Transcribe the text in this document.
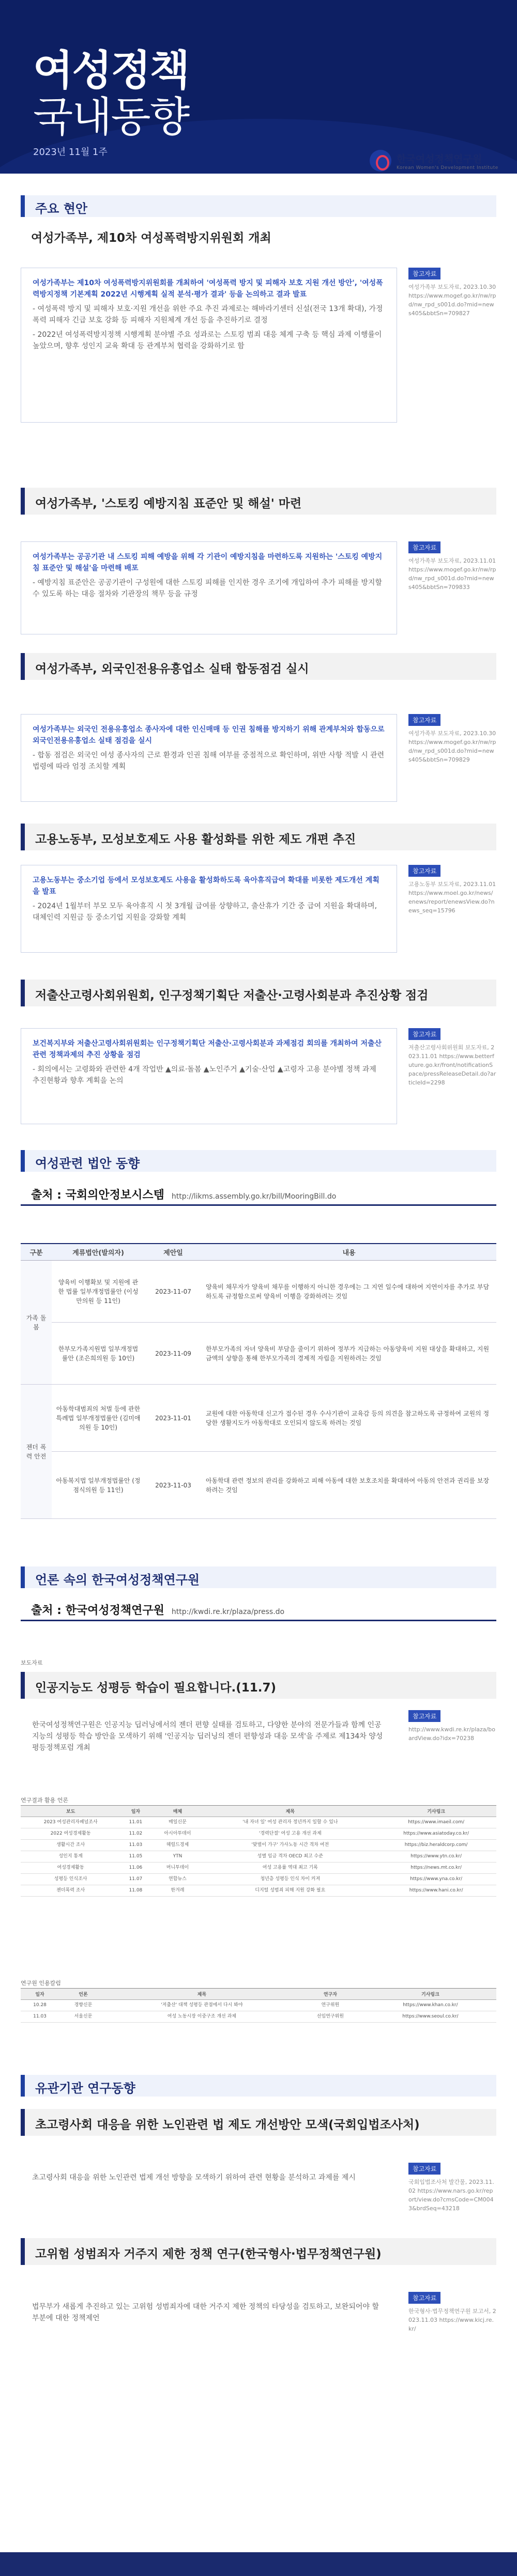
여성정책
국내동향
2023년 11월 1주
한국여성정책연구원
Korean Women's Development Institute
주요 현안
여성가족부, 제10차 여성폭력방지위원회 개최

여성가족부는 제10차 여성폭력방지위원회를 개최하여 '여성폭력 방지 및 피해자 보호 지원 개선 방안', '여성폭력방지정책 기본계획 2022년 시행계획 실적 분석·평가 결과' 등을 논의하고 결과 발표

- 여성폭력 방지 및 피해자 보호·지원 개선을 위한 주요 추진 과제로는 해바라기센터 신설(전국 13개 확대), 가정폭력 피해자 긴급 보호 강화 등 피해자 지원체계 개선 등을 추진하기로 결정

- 2022년 여성폭력방지정책 시행계획 분야별 주요 성과로는 스토킹 범죄 대응 체계 구축 등 핵심 과제 이행률이 높았으며, 향후 성인지 교육 확대 등 관계부처 협력을 강화하기로 함

참고자료
여성가족부 보도자료, 2023.10.30 https://www.mogef.go.kr/nw/rpd/nw_rpd_s001d.do?mid=news405&bbtSn=709827
여성가족부, '스토킹 예방지침 표준안 및 해설' 마련

여성가족부는 공공기관 내 스토킹 피해 예방을 위해 각 기관이 예방지침을 마련하도록 지원하는 '스토킹 예방지침 표준안 및 해설'을 마련해 배포

- 예방지침 표준안은 공공기관이 구성원에 대한 스토킹 피해를 인지한 경우 조기에 개입하여 추가 피해를 방지할 수 있도록 하는 대응 절차와 기관장의 책무 등을 규정

참고자료
여성가족부 보도자료, 2023.11.01 https://www.mogef.go.kr/nw/rpd/nw_rpd_s001d.do?mid=news405&bbtSn=709833
여성가족부, 외국인전용유흥업소 실태 합동점검 실시

여성가족부는 외국인 전용유흥업소 종사자에 대한 인신매매 등 인권 침해를 방지하기 위해 관계부처와 합동으로 외국인전용유흥업소 실태 점검을 실시

- 합동 점검은 외국인 여성 종사자의 근로 환경과 인권 침해 여부를 중점적으로 확인하며, 위반 사항 적발 시 관련 법령에 따라 엄정 조치할 계획

참고자료
여성가족부 보도자료, 2023.10.30 https://www.mogef.go.kr/nw/rpd/nw_rpd_s001d.do?mid=news405&bbtSn=709829
고용노동부, 모성보호제도 사용 활성화를 위한 제도 개편 추진

고용노동부는 중소기업 등에서 모성보호제도 사용을 활성화하도록 육아휴직급여 확대를 비롯한 제도개선 계획을 발표

- 2024년 1월부터 부모 모두 육아휴직 시 첫 3개월 급여를 상향하고, 출산휴가 기간 중 급여 지원을 확대하며, 대체인력 지원금 등 중소기업 지원을 강화할 계획

참고자료
고용노동부 보도자료, 2023.11.01 https://www.moel.go.kr/news/enews/report/enewsView.do?news_seq=15796
저출산고령사회위원회, 인구정책기획단 저출산·고령사회분과 추진상황 점검

보건복지부와 저출산고령사회위원회는 인구정책기획단 저출산·고령사회분과 과제점검 회의를 개최하여 저출산 관련 정책과제의 추진 상황을 점검

- 회의에서는 고령화와 관련한 4개 작업반 ▲의료·돌봄 ▲노인주거 ▲기술·산업 ▲고령자 고용 분야별 정책 과제 추진현황과 향후 계획을 논의

참고자료
저출산고령사회위원회 보도자료, 2023.11.01 https://www.betterfuture.go.kr/front/notificationSpace/pressReleaseDetail.do?articleId=2298
여성관련 법안 동향
출처 : 국회의안정보시스템 http://likms.assembly.go.kr/bill/MooringBill.do
구분	계류법안(발의자)	제안일	내용
가족 돌봄	양육비 이행확보 및 지원에 관한 법률 일부개정법률안 (이성만의원 등 11인)	2023-11-07	양육비 채무자가 양육비 채무를 이행하지 아니한 경우에는 그 지연 일수에 대하여 지연이자를 추가로 부담하도록 규정함으로써 양육비 이행을 강화하려는 것임
	한부모가족지원법 일부개정법률안 (조은희의원 등 10인)	2023-11-09	한부모가족의 자녀 양육비 부담을 줄이기 위하여 정부가 지급하는 아동양육비 지원 대상을 확대하고, 지원 금액의 상향을 통해 한부모가족의 경제적 자립을 지원하려는 것임
젠더 폭력 안전	아동학대범죄의 처벌 등에 관한 특례법 일부개정법률안 (김미애의원 등 10인)	2023-11-01	교원에 대한 아동학대 신고가 접수된 경우 수사기관이 교육감 등의 의견을 참고하도록 규정하여 교원의 정당한 생활지도가 아동학대로 오인되지 않도록 하려는 것임
	아동복지법 일부개정법률안 (정점식의원 등 11인)	2023-11-03	아동학대 관련 정보의 관리를 강화하고 피해 아동에 대한 보호조치를 확대하여 아동의 안전과 권리를 보장하려는 것임
언론 속의 한국여성정책연구원
출처 : 한국여성정책연구원 http://kwdi.re.kr/plaza/press.do
보도자료
인공지능도 성평등 학습이 필요합니다.(11.7)

한국여성정책연구원은 인공지능 딥러닝에서의 젠더 편향 실태를 검토하고, 다양한 분야의 전문가들과 함께 인공지능의 성평등 학습 방안을 모색하기 위해 '인공지능 딥러닝의 젠더 편향성과 대응 모색'을 주제로 제134차 양성평등정책포럼 개최

참고자료
http://www.kwdi.re.kr/plaza/boardView.do?idx=70238
연구결과 활용 언론
보도	일자	매체	제목	기사링크
2023 여성관리자패널조사	11.01	매일신문	'내 자녀 일' 여성 관리자 정년까지 일할 수 있나	https://www.imaeil.com/
2022 여성경제활동	11.02	아시아투데이	'경력단절' 여성 고용 개선 과제	https://www.asiatoday.co.kr/
생활시간 조사	11.03	헤럴드경제	'맞벌이 가구' 가사노동 시간 격차 여전	https://biz.heraldcorp.com/
성인지 통계	11.05	YTN	성별 임금 격차 OECD 최고 수준	https://www.ytn.co.kr/
여성경제활동	11.06	머니투데이	여성 고용률 역대 최고 기록	https://news.mt.co.kr/
성평등 인식조사	11.07	연합뉴스	청년층 성평등 인식 차이 커져	https://www.yna.co.kr/
젠더폭력 조사	11.08	한겨레	디지털 성범죄 피해 지원 강화 필요	https://www.hani.co.kr/
연구원 인용칼럼
일자	언론	제목	연구자	기사링크
10.28	경향신문	'저출산' 대책 성평등 관점에서 다시 봐야	연구위원	https://www.khan.co.kr/
11.03	서울신문	여성 노동시장 이중구조 개선 과제	선임연구위원	https://www.seoul.co.kr/
유관기관 연구동향
초고령사회 대응을 위한 노인관련 법 제도 개선방안 모색(국회입법조사처)

초고령사회 대응을 위한 노인관련 법제 개선 방향을 모색하기 위하여 관련 현황을 분석하고 과제를 제시

참고자료
국회입법조사처 발간물, 2023.11.02 https://www.nars.go.kr/report/view.do?cmsCode=CM0043&brdSeq=43218
고위험 성범죄자 거주지 제한 정책 연구(한국형사·법무정책연구원)

법무부가 새롭게 추진하고 있는 고위험 성범죄자에 대한 거주지 제한 정책의 타당성을 검토하고, 보완되어야 할 부분에 대한 정책제언

참고자료
한국형사·법무정책연구원 보고서, 2023.11.03 https://www.kicj.re.kr/
